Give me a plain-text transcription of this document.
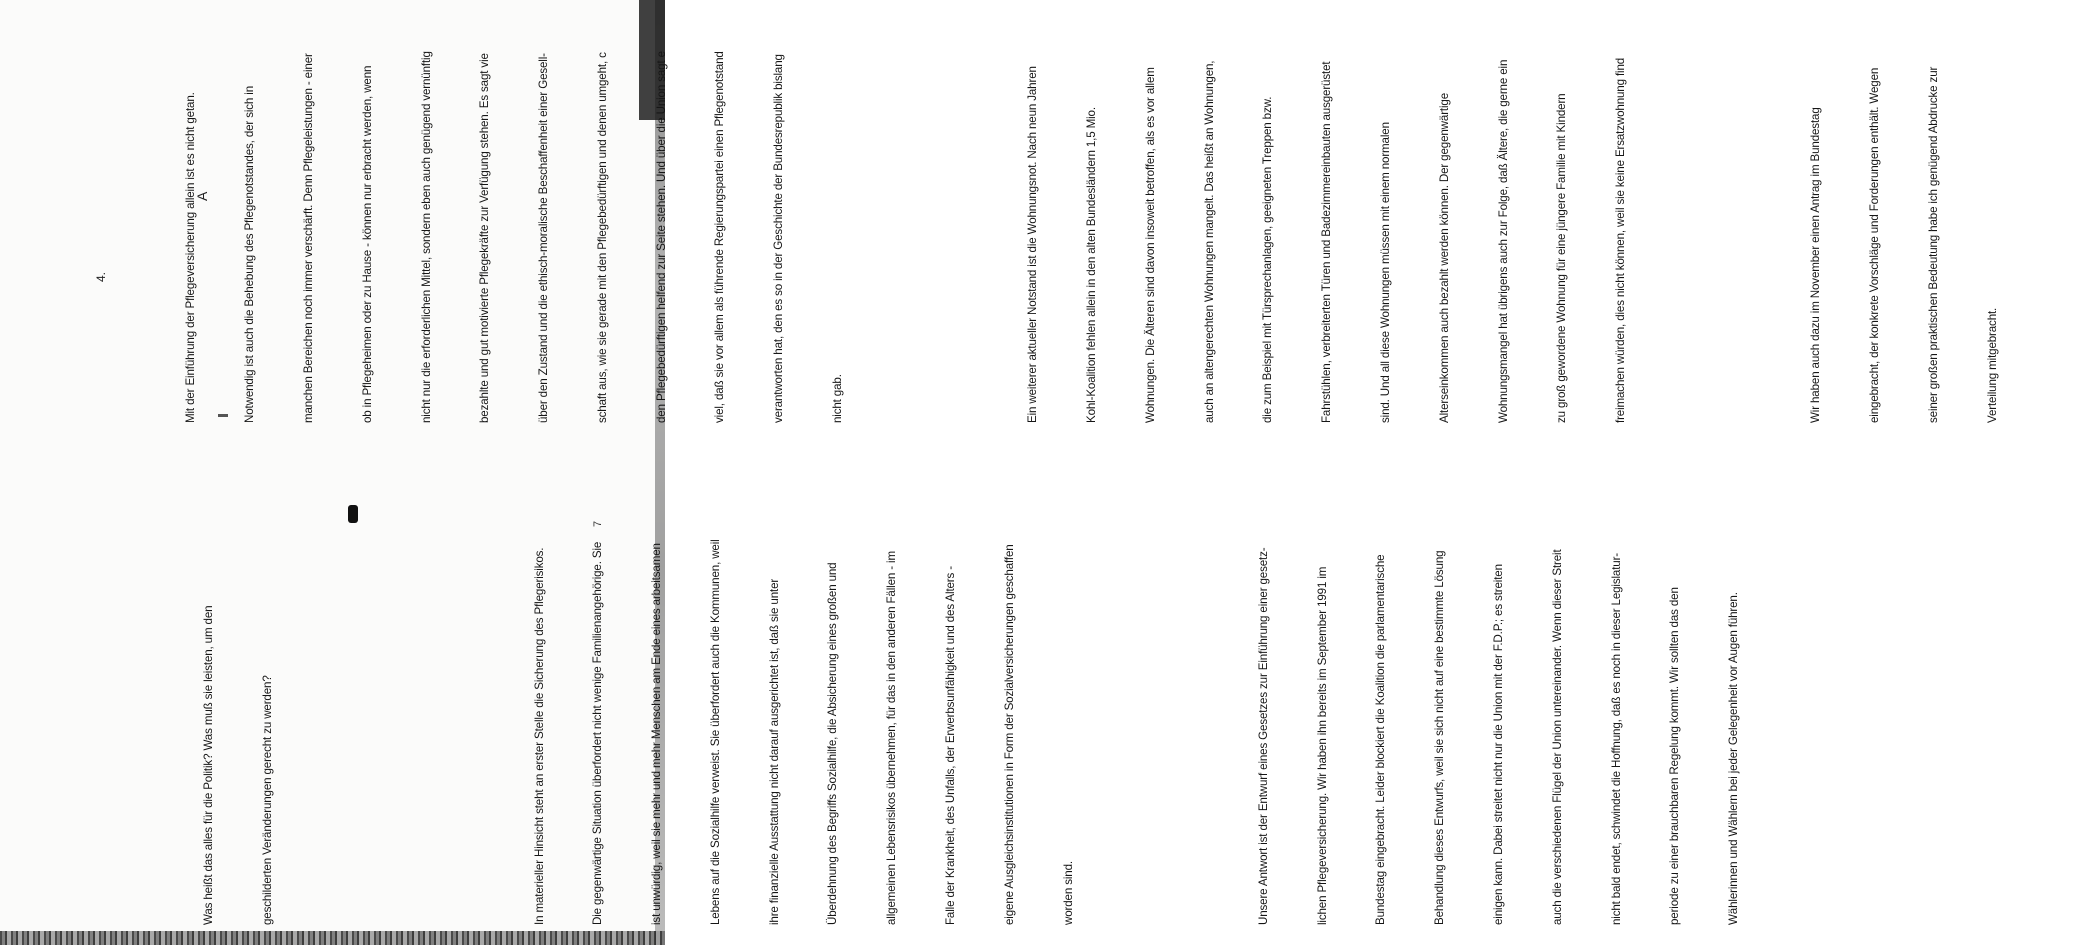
4.
A

Was heißt das alles für die Politik? Was muß sie leisten, um den

	geschilderten Veränderungen gerecht zu werden?

	In materieller Hinsicht steht an erster Stelle die Sicherung des Pflegerisikos.

	Die gegenwärtige Situation überfordert nicht wenige Familienangehörige. Sie

	ist unwürdig, weil sie mehr und mehr Menschen am Ende eines arbeitsamen

	Lebens auf die Sozialhilfe verweist. Sie überfordert auch die Kommunen, weil

	ihre finanzielle Ausstattung nicht darauf ausgerichtet ist, daß sie unter

	Überdehnung des Begriffs Sozialhilfe, die Absicherung eines großen und

	allgemeinen Lebensrisikos übernehmen, für das in den anderen Fällen - im

	Falle der Krankheit, des Unfalls, der Erwerbsunfähigkeit und des Alters -

	eigene Ausgleichsinstitutionen in Form der Sozialversicherungen geschaffen

	worden sind.

	Unsere Antwort ist der Entwurf eines Gesetzes zur Einführung einer gesetz-

	lichen Pflegeversicherung. Wir haben ihn bereits im September 1991 im

	Bundestag eingebracht. Leider blockiert die Koalition die parlamentarische

	Behandlung dieses Entwurfs, weil sie sich nicht auf eine bestimmte Lösung

	einigen kann. Dabei streitet nicht nur die Union mit der F.D.P.; es streiten

	auch die verschiedenen Flügel der Union untereinander. Wenn dieser Streit

	nicht bald endet, schwindet die Hoffnung, daß es noch in dieser Legislatur-

	periode zu einer brauchbaren Regelung kommt. Wir sollten das den

	Wählerinnen und Wählern bei jeder Gelegenheit vor Augen führen.

Mit der Einführung der Pflegeversicherung allein ist es nicht getan.

	Notwendig ist auch die Behebung des Pflegenotstandes, der sich in

	manchen Bereichen noch immer verschärft. Denn Pflegeleistungen - einer

	ob in Pflegeheimen oder zu Hause - können nur erbracht werden, wenn

	nicht nur die erforderlichen Mittel, sondern eben auch genügend vernünftig

	bezahlte und gut motivierte Pflegekräfte zur Verfügung stehen. Es sagt vie

	über den Zustand und die ethisch-moralische Beschaffenheit einer Gesell-

	schaft aus, wie sie gerade mit den Pflegebedürftigen und denen umgeht, c

	den Pflegebedürftigen helfend zur Seite stehen. Und über die Union sagt e

	viel, daß sie vor allem als führende Regierungspartei einen Pflegenotstand

	verantworten hat, den es so in der Geschichte der Bundesrepublik bislang

	nicht gab.

	Ein weiterer aktueller Notstand ist die Wohnungsnot. Nach neun Jahren

	Kohl-Koalition fehlen allein in den alten Bundesländern 1,5 Mio.

	Wohnungen. Die Älteren sind davon insoweit betroffen, als es vor allem

	auch an altengerechten Wohnungen mangelt. Das heißt an Wohnungen,

	die zum Beispiel mit Türsprechanlagen, geeigneten Treppen bzw.

	Fahrstühlen, verbreiterten Türen und Badezimmereinbauten ausgerüstet

	sind. Und all diese Wohnungen müssen mit einem normalen

	Alterseinkommen auch bezahlt werden können. Der gegenwärtige

	Wohnungsmangel hat übrigens auch zur Folge, daß Ältere, die gerne ein

	zu groß gewordene Wohnung für eine jüngere Familie mit Kindern

	freimachen würden, dies nicht können, weil sie keine Ersatzwohnung find

	Wir haben auch dazu im November einen Antrag im Bundestag

	eingebracht, der konkrete Vorschläge und Forderungen enthält. Wegen

	seiner großen praktischen Bedeutung habe ich genügend Abdrucke zur

	Verteilung mitgebracht.

7
